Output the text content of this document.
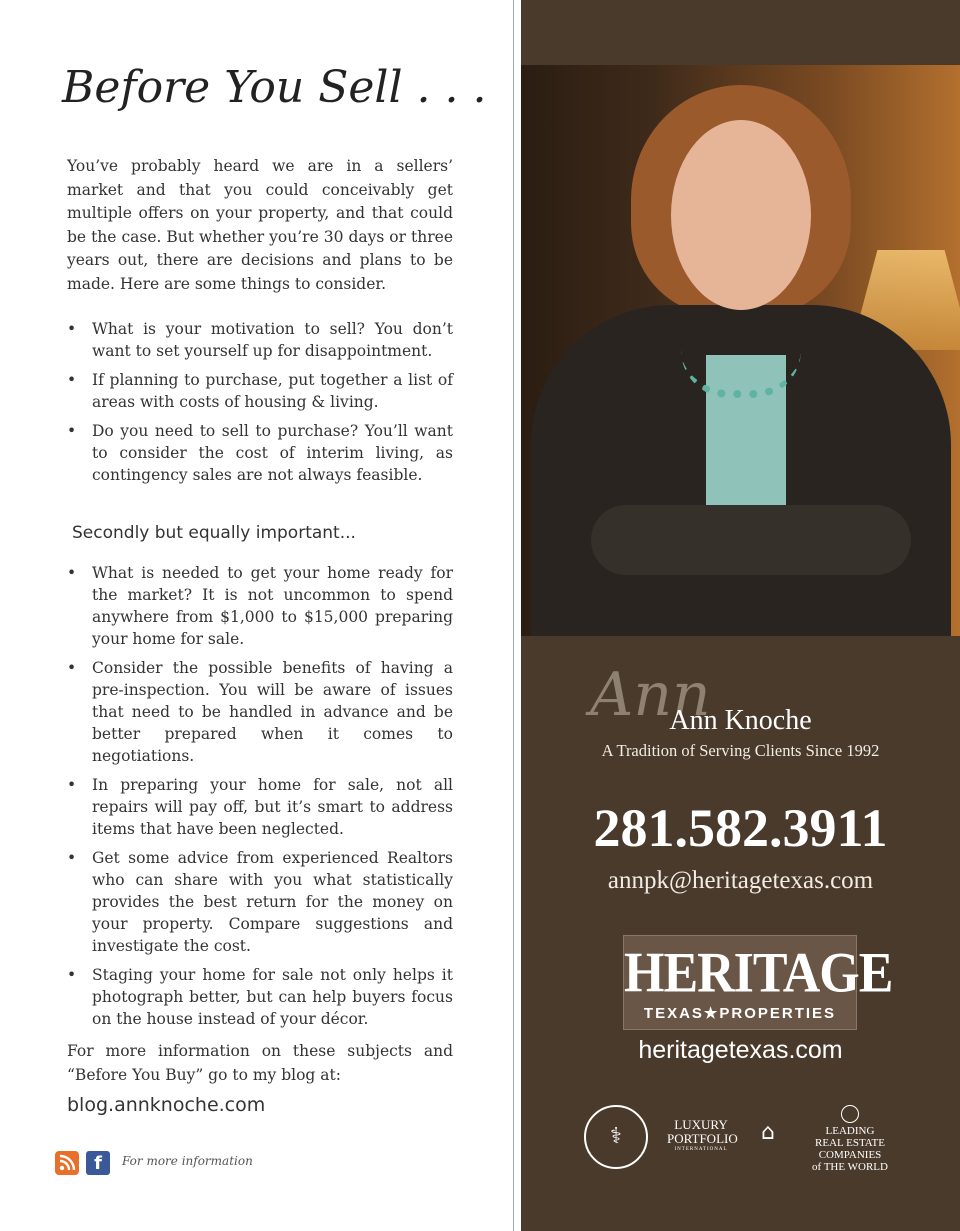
Before You Sell . . .
You’ve probably heard we are in a sellers’ market and that you could conceivably get multiple offers on your property, and that could be the case. But whether you’re 30 days or three years out, there are decisions and plans to be made. Here are some things to consider.
• What is your motivation to sell? You don’t want to set yourself up for disappointment.
• If planning to purchase, put together a list of areas with costs of housing & living.
• Do you need to sell to purchase? You’ll want to consider the cost of interim living, as contingency sales are not always feasible.
Secondly but equally important...
• What is needed to get your home ready for the market? It is not uncommon to spend anywhere from $1,000 to $15,000 preparing your home for sale.
• Consider the possible benefits of having a pre-inspection. You will be aware of issues that need to be handled in advance and be better prepared when it comes to negotiations.
• In preparing your home for sale, not all repairs will pay off, but it’s smart to address items that have been neglected.
• Get some advice from experienced Realtors who can share with you what statistically provides the best return for the money on your property. Compare suggestions and investigate the cost.
• Staging your home for sale not only helps it photograph better, but can help buyers focus on the house instead of your décor.
For more information on these subjects and “Before You Buy” go to my blog at:
blog.annknoche.com
f	For more information
Ann
Ann Knoche
A Tradition of Serving Clients Since 1992
281.582.3911
annpk@heritagetexas.com
HERITAGE
TEXAS★PROPERTIES
heritagetexas.com
⚕	LUXURY
PORTFOLIO
INTERNATIONAL
⌂	LEADING
REAL ESTATE
COMPANIES
of THE WORLD
